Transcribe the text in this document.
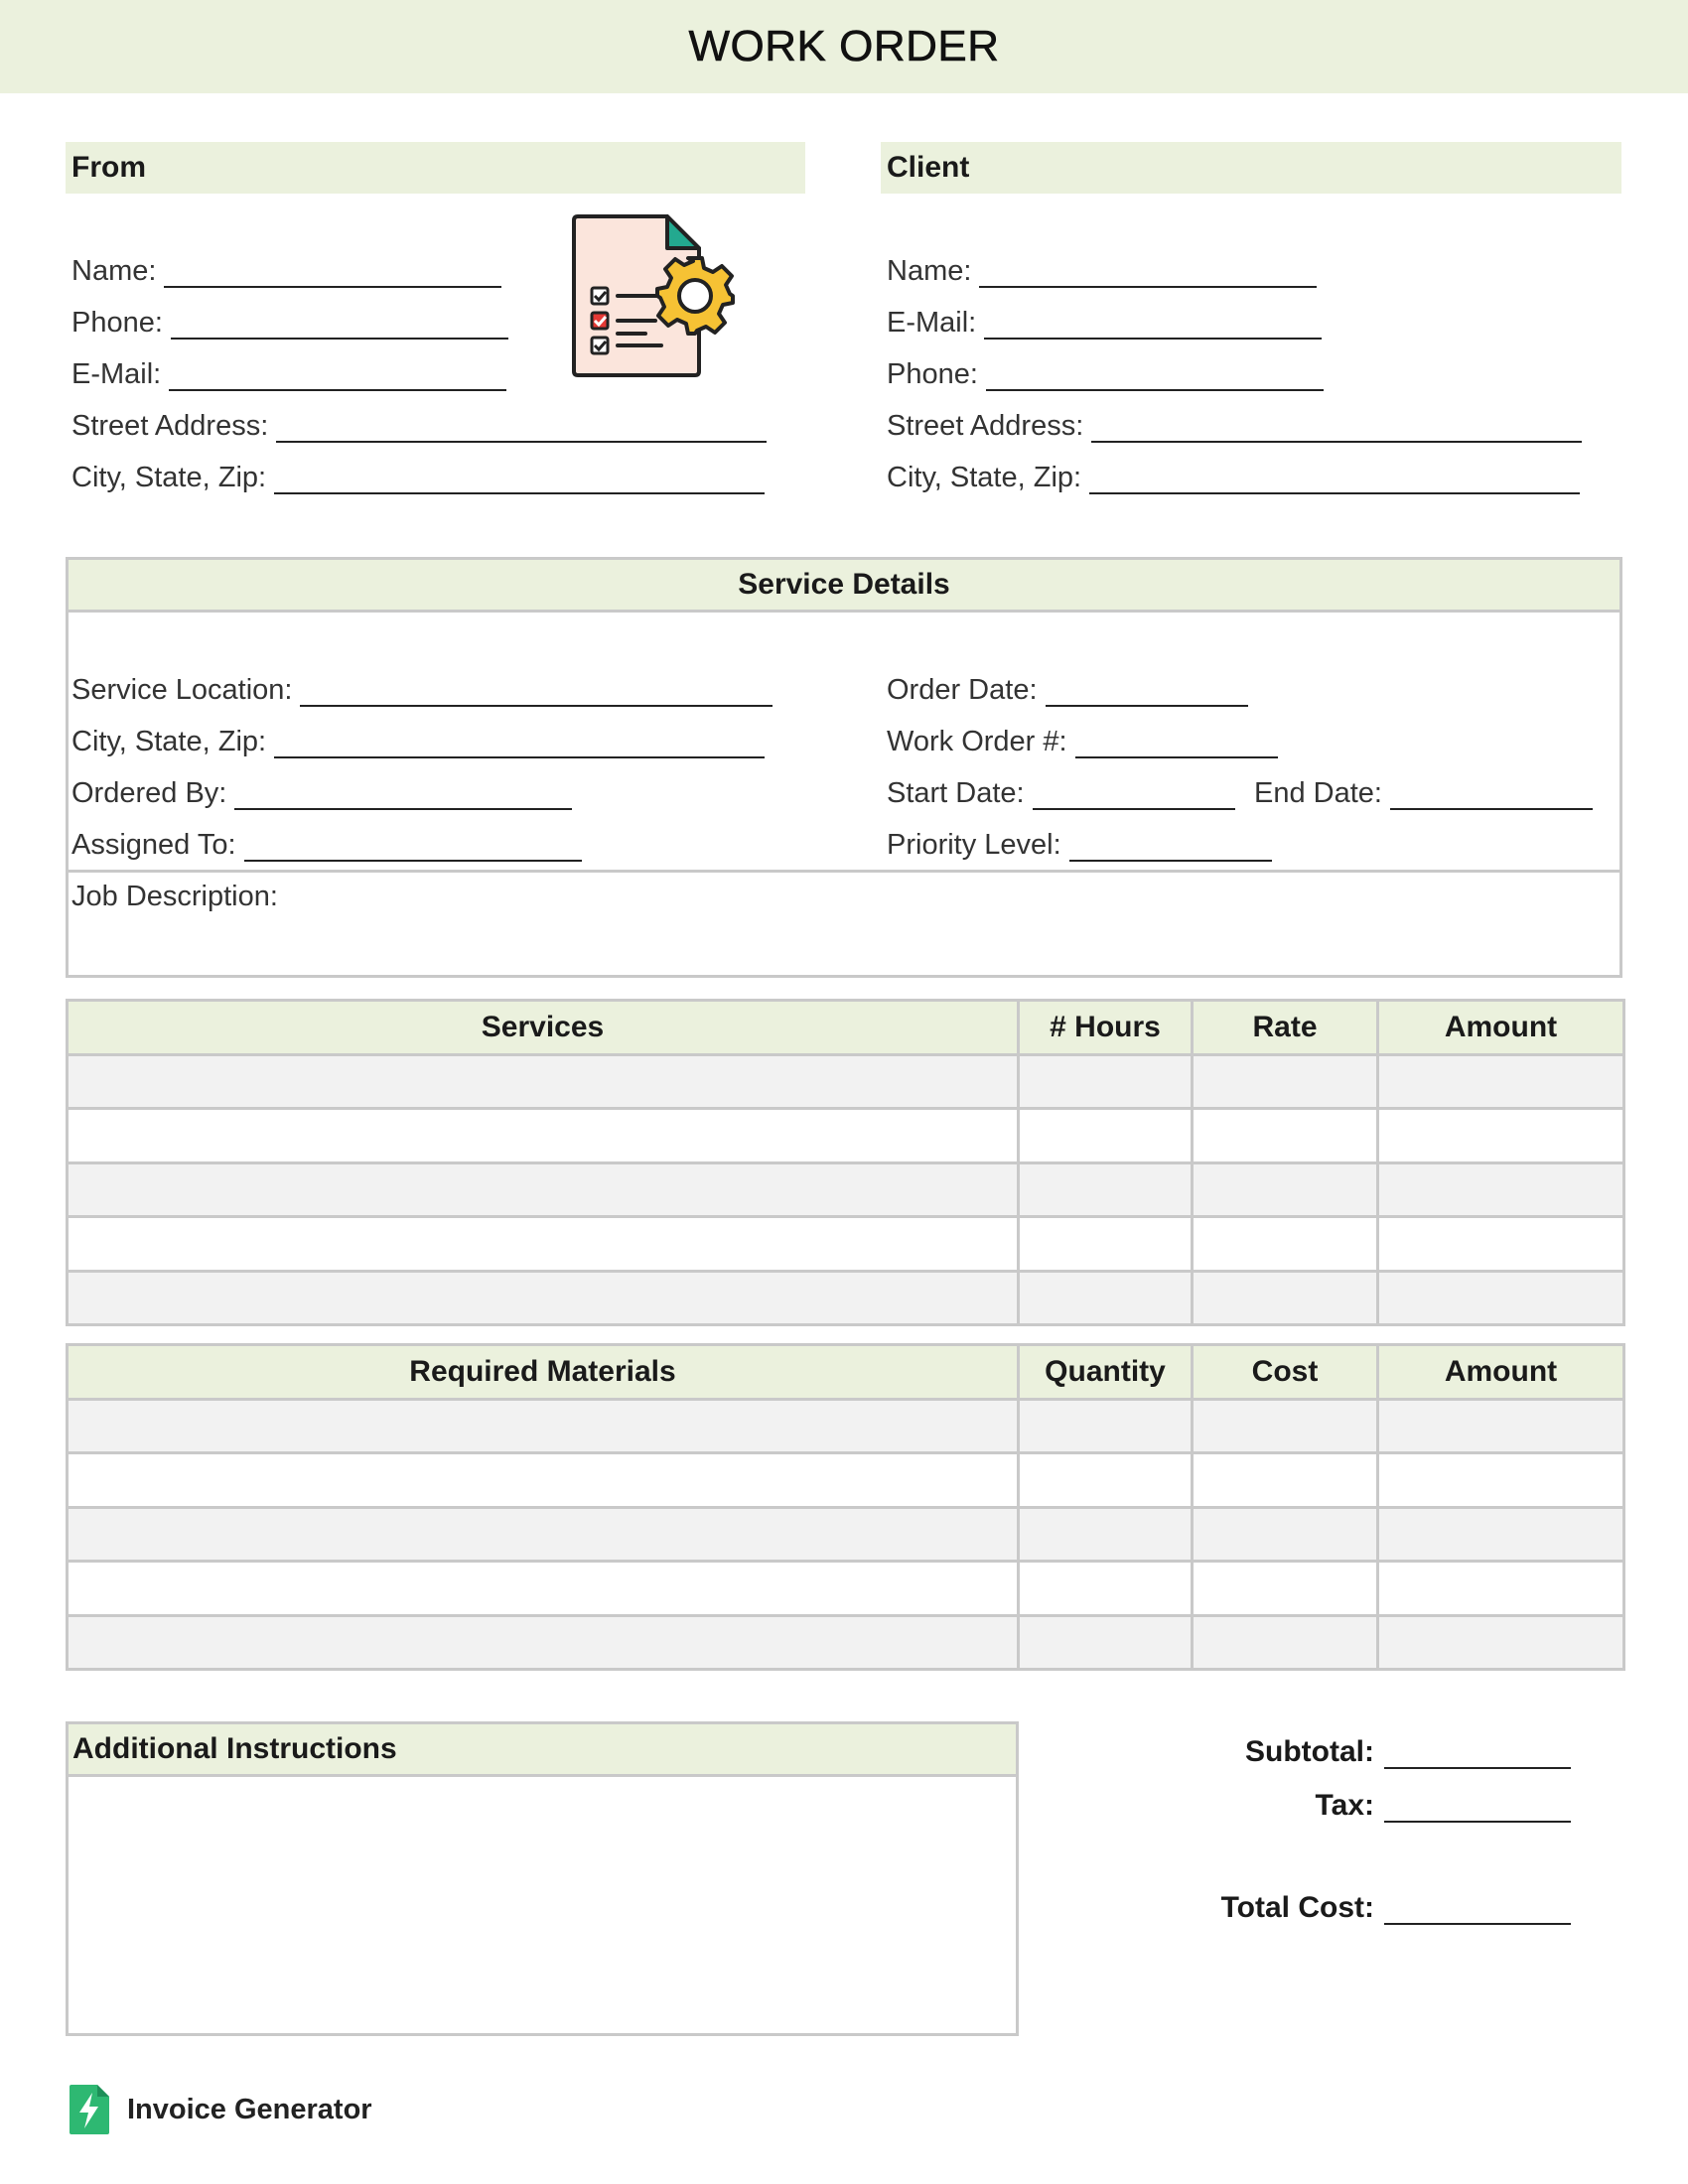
WORK ORDER
From
Name:
Phone:
E-Mail:
Street Address:
City, State, Zip:
Client
Name:
E-Mail:
Phone:
Street Address:
City, State, Zip:
Service Details
Service Location:
City, State, Zip:
Ordered By:
Assigned To:
Order Date:
Work Order #:
Start Date:	End Date:
Priority Level:
Job Description:
Services	# Hours	Rate	Amount

Required Materials	Quantity	Cost	Amount

Additional Instructions	Subtotal:
Tax:
Total Cost:
Invoice Generator
